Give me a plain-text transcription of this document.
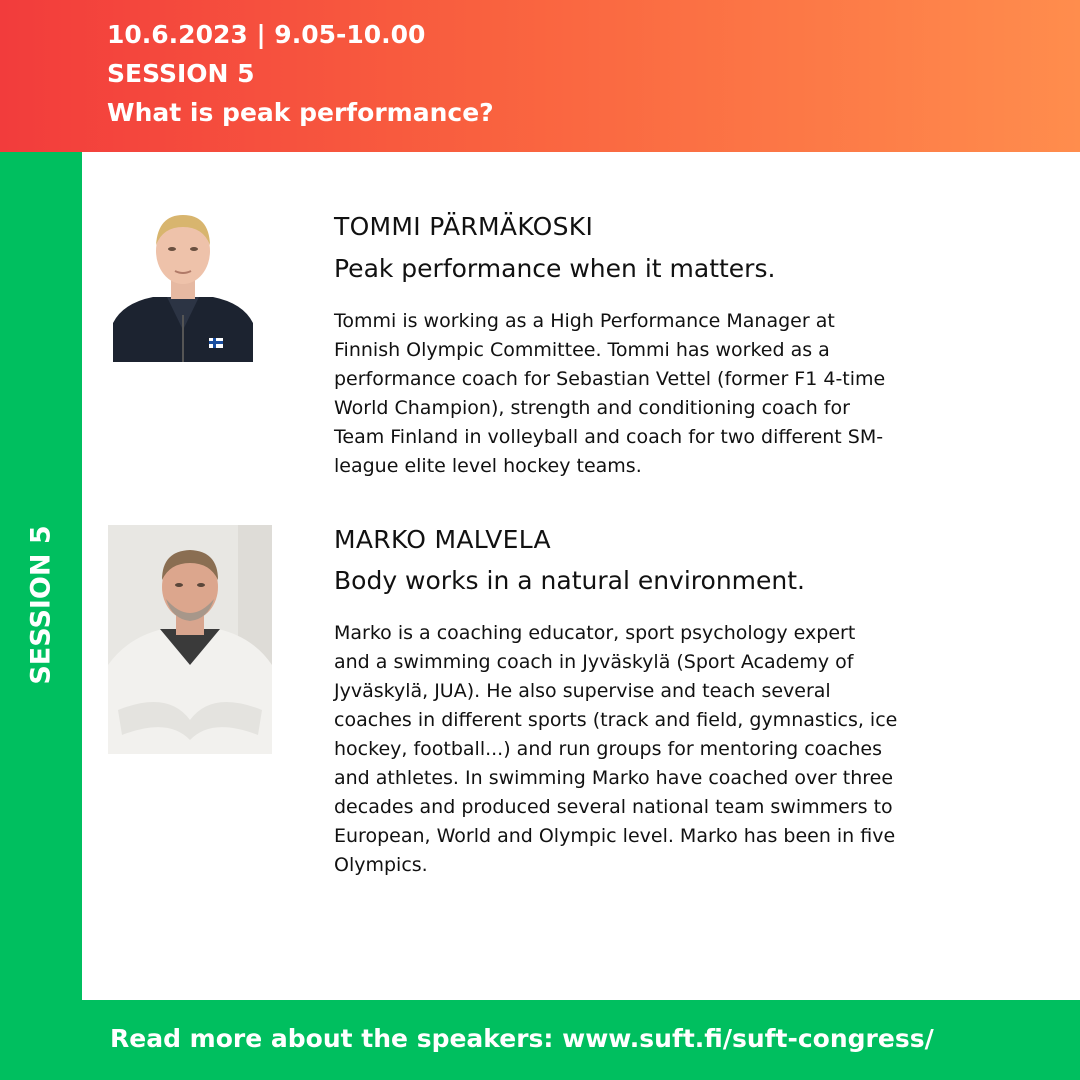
10.6.2023 | 9.05-10.00
SESSION 5
What is peak performance?
SESSION 5
TOMMI PÄRMÄKOSKI
Peak performance when it matters.
Tommi is working as a High Performance Manager at
Finnish Olympic Committee. Tommi has worked as a
performance coach for Sebastian Vettel (former F1 4-time
World Champion), strength and conditioning coach for
Team Finland in volleyball and coach for two different SM-
league elite level hockey teams.
MARKO MALVELA
Body works in a natural environment.
Marko is a coaching educator, sport psychology expert
and a swimming coach in Jyväskylä (Sport Academy of
Jyväskylä, JUA). He also supervise and teach several
coaches in different sports (track and field, gymnastics, ice
hockey, football...) and run groups for mentoring coaches
and athletes. In swimming Marko have coached over three
decades and produced several national team swimmers to
European, World and Olympic level. Marko has been in five
Olympics.
Read more about the speakers: www.suft.fi/suft-congress/
